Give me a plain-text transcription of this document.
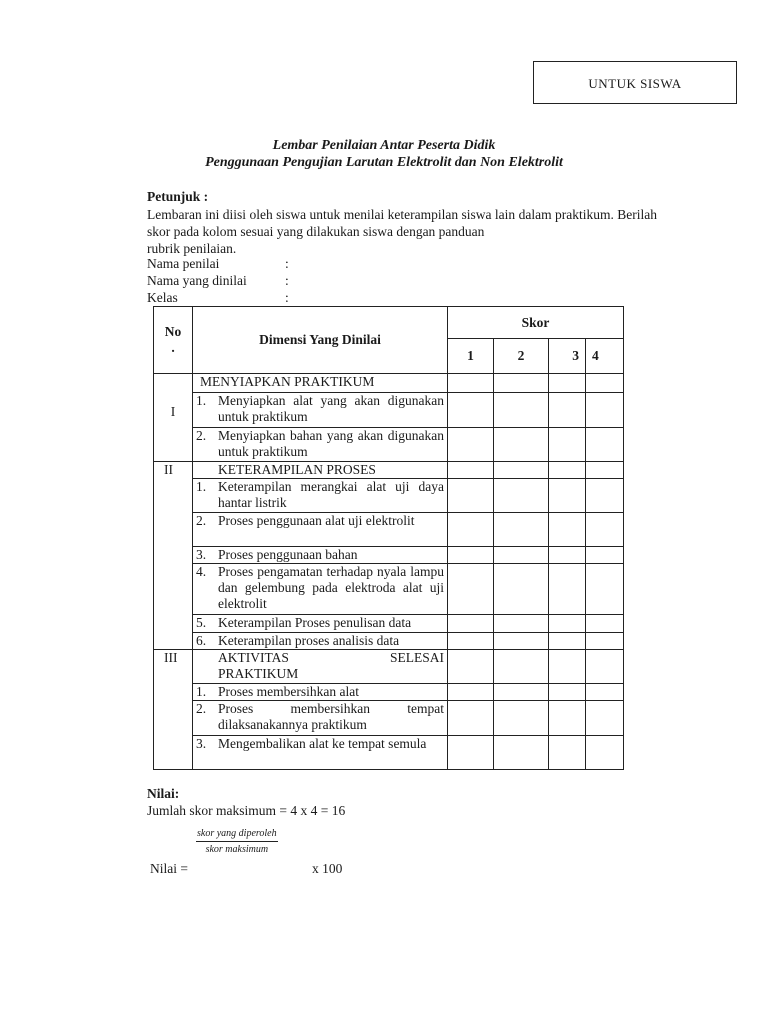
UNTUK SISWA
Lembar Penilaian Antar Peserta Didik
Penggunaan Pengujian Larutan Elektrolit dan Non Elektrolit
Petunjuk :
Lembaran ini diisi oleh siswa untuk menilai keterampilan siswa lain dalam praktikum. Berilah skor pada kolom sesuai yang dilakukan siswa dengan panduan
rubrik penilaian.
Nama penilai	:
Nama yang dinilai	:
Kelas	:
No
.	Dimensi Yang Dinilai	Skor			
		1	2	3	4
I	MENYIAPKAN PRAKTIKUM				

	1. Menyiapkan alat yang akan digunakan untuk praktikum				

	2. Menyiapkan bahan yang akan digunakan untuk praktikum				

II	KETERAMPILAN PROSES				

	1. Keterampilan merangkai alat uji daya hantar listrik				

	2. Proses penggunaan alat uji elektrolit				

	3. Proses penggunaan bahan				

	4. Proses pengamatan terhadap nyala lampu dan gelembung pada elektroda alat uji elektrolit				

	5. Keterampilan Proses penulisan data				

	6. Keterampilan proses analisis data				

III	AKTIVITAS SELESAI
PRAKTIKUM				

	1. Proses membersihkan alat				

	2. Proses membersihkan tempat dilaksanakannya praktikum				

	3. Mengembalikan alat ke tempat semula				

Nilai:
Jumlah skor maksimum = 4 x 4 = 16
skor yang diperoleh
skor maksimum
Nilai =	x 100
